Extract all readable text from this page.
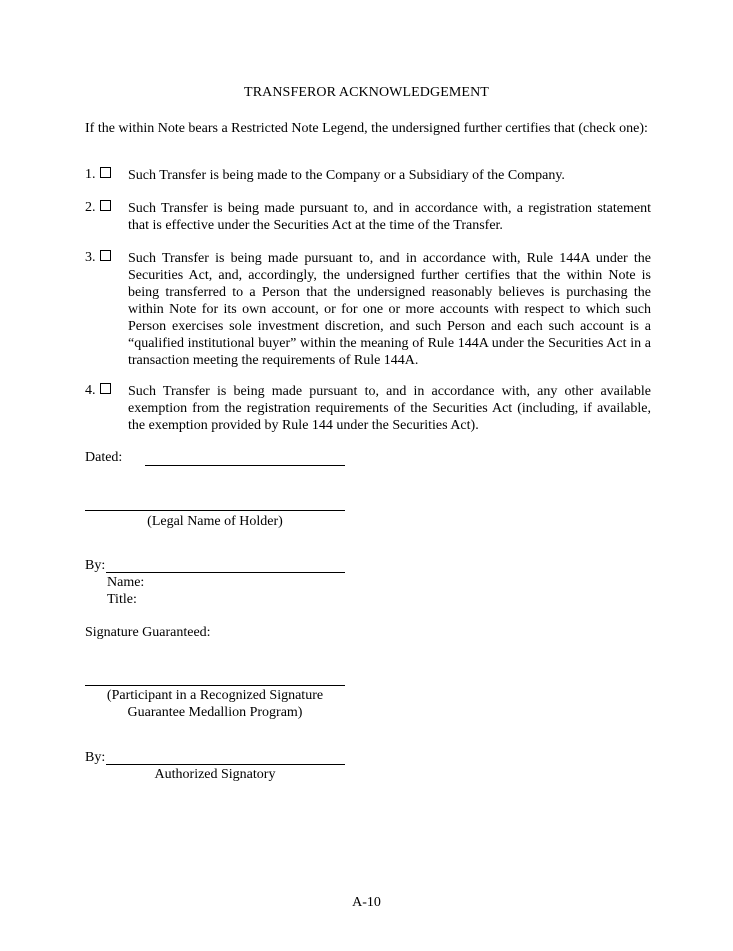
TRANSFEROR ACKNOWLEDGEMENT
If the within Note bears a Restricted Note Legend, the undersigned further certifies that (check one):
1.	Such Transfer is being made to the Company or a Subsidiary of the Company.
2.	Such Transfer is being made pursuant to, and in accordance with, a registration statement that is effective under the Securities Act at the time of the Transfer.
3.	Such Transfer is being made pursuant to, and in accordance with, Rule 144A under the Securities Act, and, accordingly, the undersigned further certifies that the within Note is being transferred to a Person that the undersigned reasonably believes is purchasing the within Note for its own account, or for one or more accounts with respect to which such Person exercises sole investment discretion, and such Person and each such account is a “qualified institutional buyer” within the meaning of Rule 144A under the Securities Act in a transaction meeting the requirements of Rule 144A.
4.	Such Transfer is being made pursuant to, and in accordance with, any other available exemption from the registration requirements of the Securities Act (including, if available, the exemption provided by Rule 144 under the Securities Act).
Dated:
(Legal Name of Holder)
By:
Name:
Title:
Signature Guaranteed:
(Participant in a Recognized Signature
Guarantee Medallion Program)
By:
Authorized Signatory
A-10
